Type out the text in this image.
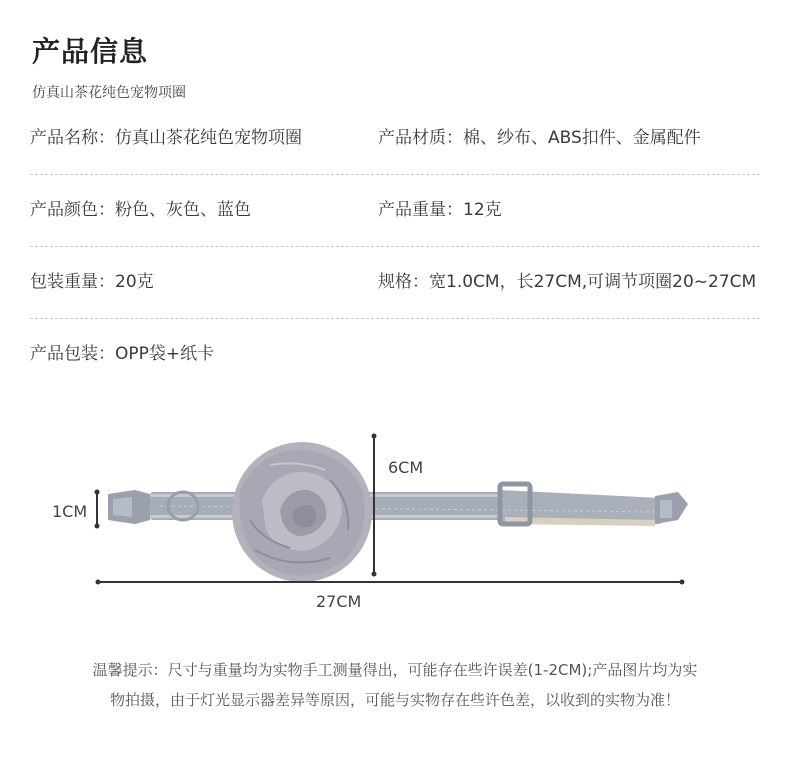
产品信息
仿真山茶花纯色宠物项圈
产品名称：仿真山茶花纯色宠物项圈	产品材质：棉、纱布、ABS扣件、金属配件
产品颜色：粉色、灰色、蓝色	产品重量：12克
包装重量：20克	规格：宽1.0CM，长27CM,可调节项圈20~27CM
产品包装：OPP袋+纸卡
1CM
6CM
27CM
温馨提示：尺寸与重量均为实物手工测量得出，可能存在些许误差(1-2CM);产品图片均为实
物拍摄，由于灯光显示器差异等原因，可能与实物存在些许色差，以收到的实物为准！
